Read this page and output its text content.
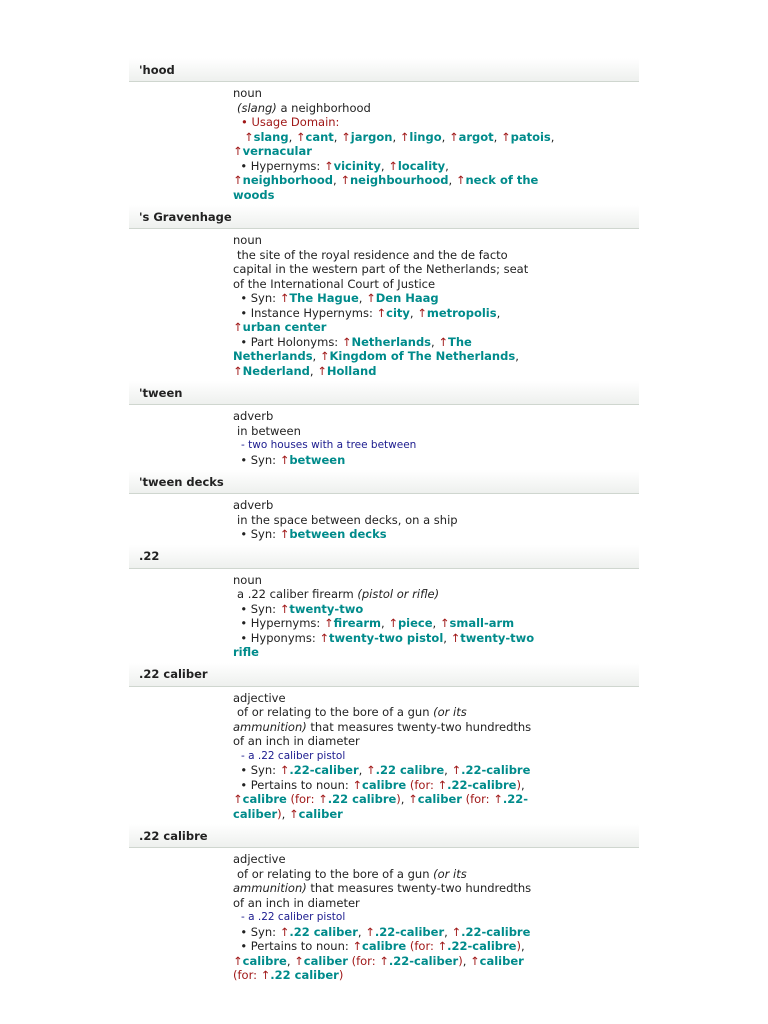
'hood
noun
(slang) a neighborhood
• Usage Domain:
↑slang, ↑cant, ↑jargon, ↑lingo, ↑argot, ↑patois,
↑vernacular
• Hypernyms: ↑vicinity, ↑locality,
↑neighborhood, ↑neighbourhood, ↑neck of the
woods
's Gravenhage
noun
the site of the royal residence and the de facto
capital in the western part of the Netherlands; seat
of the International Court of Justice
• Syn: ↑The Hague, ↑Den Haag
• Instance Hypernyms: ↑city, ↑metropolis,
↑urban center
• Part Holonyms: ↑Netherlands, ↑The
Netherlands, ↑Kingdom of The Netherlands,
↑Nederland, ↑Holland
'tween
adverb
in between
- two houses with a tree between
• Syn: ↑between
'tween decks
adverb
in the space between decks, on a ship
• Syn: ↑between decks
.22
noun
a .22 caliber firearm (pistol or rifle)
• Syn: ↑twenty-two
• Hypernyms: ↑firearm, ↑piece, ↑small-arm
• Hyponyms: ↑twenty-two pistol, ↑twenty-two
rifle
.22 caliber
adjective
of or relating to the bore of a gun (or its
ammunition) that measures twenty-two hundredths
of an inch in diameter
- a .22 caliber pistol
• Syn: ↑.22-caliber, ↑.22 calibre, ↑.22-calibre
• Pertains to noun: ↑calibre (for: ↑.22-calibre),
↑calibre (for: ↑.22 calibre), ↑caliber (for: ↑.22-
caliber), ↑caliber
.22 calibre
adjective
of or relating to the bore of a gun (or its
ammunition) that measures twenty-two hundredths
of an inch in diameter
- a .22 caliber pistol
• Syn: ↑.22 caliber, ↑.22-caliber, ↑.22-calibre
• Pertains to noun: ↑calibre (for: ↑.22-calibre),
↑calibre, ↑caliber (for: ↑.22-caliber), ↑caliber
(for: ↑.22 caliber)
